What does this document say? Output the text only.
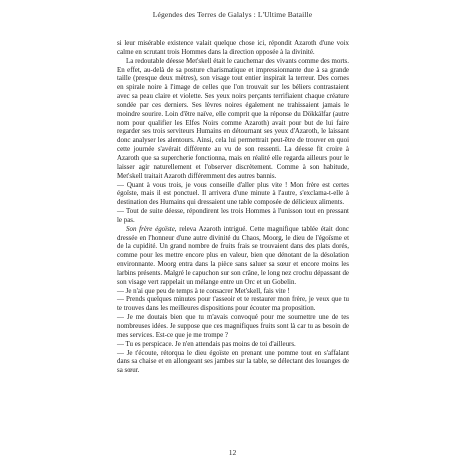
Légendes des Terres de Galalys : L'Ultime Bataille

si leur misérable existence valait quelque chose ici, répondit Azaroth d'une voix calme en scrutant trois Hommes dans la direction opposée à la divinité.

La redoutable déesse Met'skell était le cauchemar des vivants comme des morts. En effet, au-delà de sa posture charismatique et impressionnante due à sa grande taille (presque deux mètres), son visage tout entier inspirait la terreur. Des cornes en spirale noire à l'image de celles que l'on trouvait sur les béliers contrastaient avec sa peau claire et violette. Ses yeux noirs perçants terrifiaient chaque créature sondée par ces derniers. Ses lèvres noires également ne trahissaient jamais le moindre sourire. Loin d'être naïve, elle comprit que la réponse du Dökkálfar (autre nom pour qualifier les Elfes Noirs comme Azaroth) avait pour but de lui faire regarder ses trois serviteurs Humains en détournant ses yeux d'Azaroth, le laissant donc analyser les alentours. Ainsi, cela lui permettrait peut-être de trouver en quoi cette journée s'avérait différente au vu de son ressenti. La déesse fit croire à Azaroth que sa supercherie fonctionna, mais en réalité elle regarda ailleurs pour le laisser agir naturellement et l'observer discrètement. Comme à son habitude, Met'skell traitait Azaroth différemment des autres bannis.

— Quant à vous trois, je vous conseille d'aller plus vite ! Mon frère est certes égoïste, mais il est ponctuel. Il arrivera d'une minute à l'autre, s'exclama-t-elle à destination des Humains qui dressaient une table composée de délicieux aliments.

— Tout de suite déesse, répondirent les trois Hommes à l'unisson tout en pressant le pas.

Son frère égoïste, releva Azaroth intrigué. Cette magnifique tablée était donc dressée en l'honneur d'une autre divinité du Chaos, Moorg, le dieu de l'égoïsme et de la cupidité. Un grand nombre de fruits frais se trouvaient dans des plats dorés, comme pour les mettre encore plus en valeur, bien que dénotant de la désolation environnante. Moorg entra dans la pièce sans saluer sa sœur et encore moins les larbins présents. Malgré le capuchon sur son crâne, le long nez crochu dépassant de son visage vert rappelait un mélange entre un Orc et un Gobelin.

— Je n'ai que peu de temps à te consacrer Met'skell, fais vite !

— Prends quelques minutes pour t'asseoir et te restaurer mon frère, je veux que tu te trouves dans les meilleures dispositions pour écouter ma proposition.

— Je me doutais bien que tu m'avais convoqué pour me soumettre une de tes nombreuses idées. Je suppose que ces magnifiques fruits sont là car tu as besoin de mes services. Est-ce que je me trompe ?

— Tu es perspicace. Je n'en attendais pas moins de toi d'ailleurs.

— Je t'écoute, rétorqua le dieu égoïste en prenant une pomme tout en s'affalant dans sa chaise et en allongeant ses jambes sur la table, se délectant des louanges de sa sœur.

12
